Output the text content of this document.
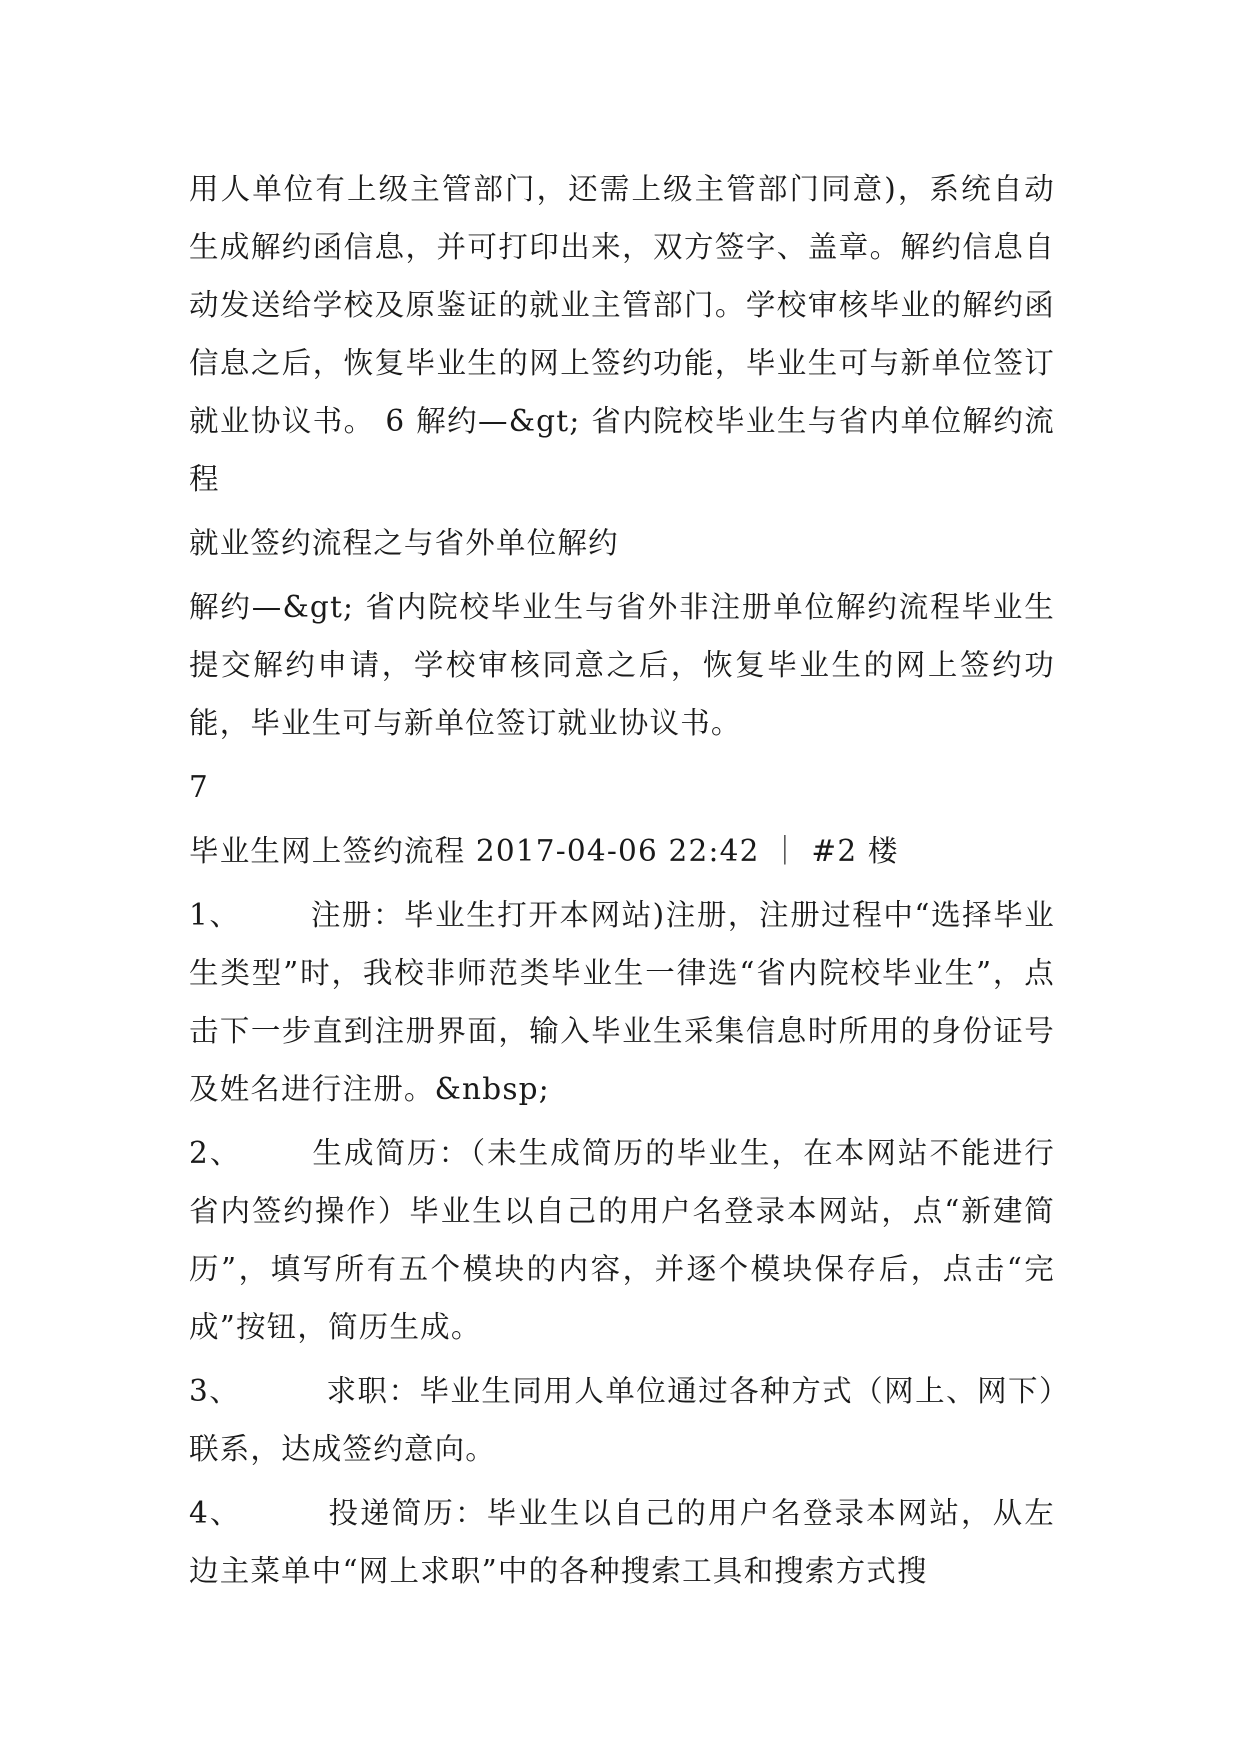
用人单位有上级主管部门，还需上级主管部门同意)，系统自动生成解约函信息，并可打印出来，双方签字、盖章。解约信息自动发送给学校及原鉴证的就业主管部门。学校审核毕业的解约函信息之后，恢复毕业生的网上签约功能，毕业生可与新单位签订就业协议书。 6 解约—&gt; 省内院校毕业生与省内单位解约流程

就业签约流程之与省外单位解约

解约—&gt; 省内院校毕业生与省外非注册单位解约流程毕业生提交解约申请，学校审核同意之后，恢复毕业生的网上签约功能，毕业生可与新单位签订就业协议书。

7

毕业生网上签约流程 2017-04-06 22:42 ｜ #2 楼

1、 注册：毕业生打开本网站)注册，注册过程中“选择毕业生类型”时，我校非师范类毕业生一律选“省内院校毕业生”，点击下一步直到注册界面，输入毕业生采集信息时所用的身份证号及姓名进行注册。&nbsp;

2、 生成简历：（未生成简历的毕业生，在本网站不能进行省内签约操作）毕业生以自己的用户名登录本网站，点“新建简历”，填写所有五个模块的内容，并逐个模块保存后，点击“完成”按钮，简历生成。

3、	求职：毕业生同用人单位通过各种方式（网上、网下）联系，达成签约意向。

4、	投递简历：毕业生以自己的用户名登录本网站，从左边主菜单中“网上求职”中的各种搜索工具和搜索方式搜
